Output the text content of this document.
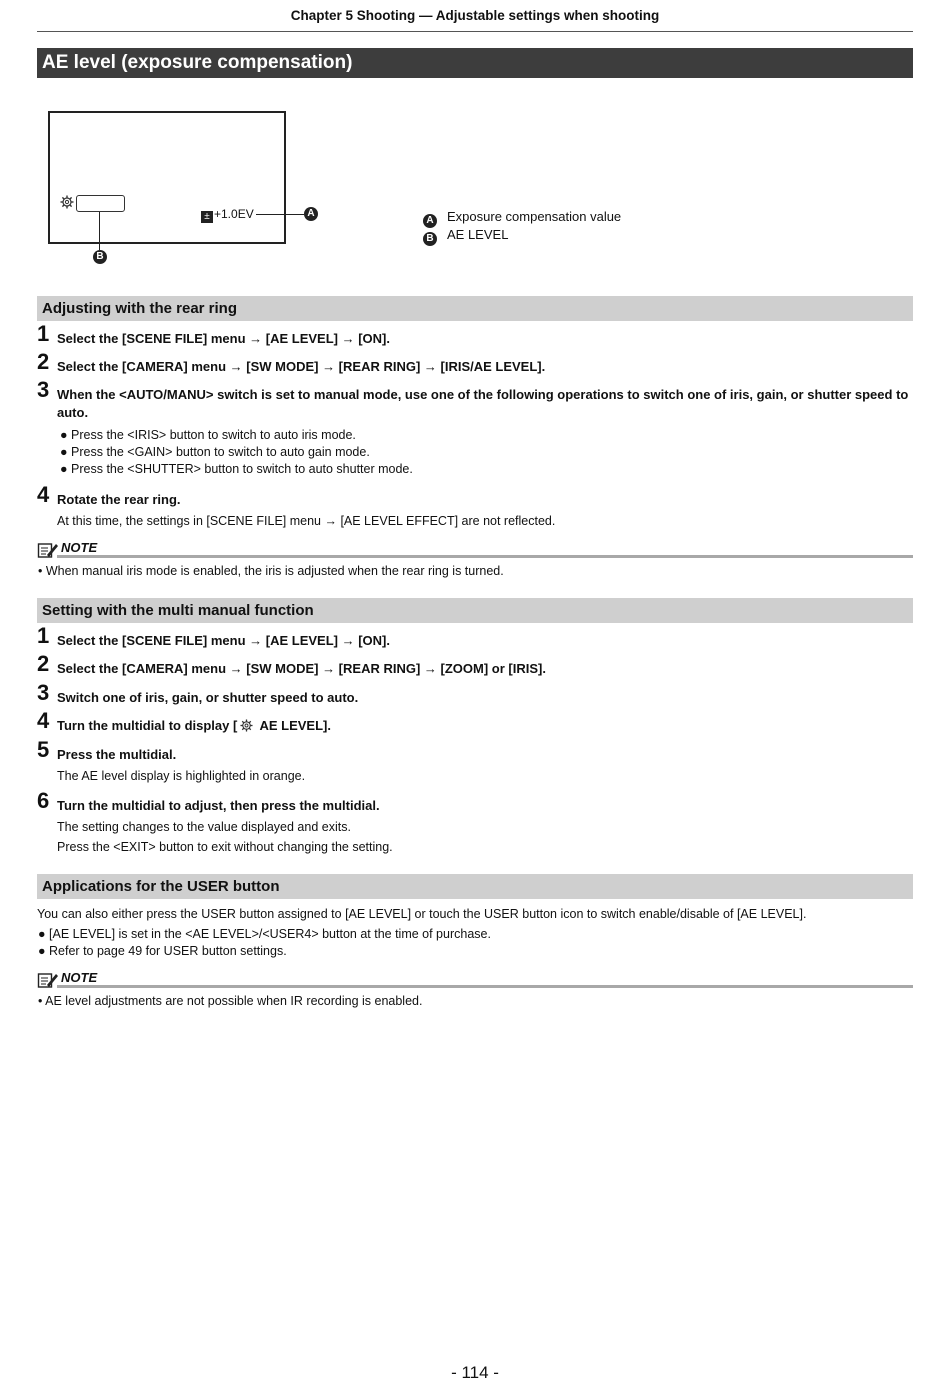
Chapter 5 Shooting — Adjustable settings when shooting
AE level (exposure compensation)
± +1.0EV	A
B
A Exposure compensation value
B AE LEVEL
Adjusting with the rear ring
1 Select the [SCENE FILE] menu → [AE LEVEL] → [ON].
2 Select the [CAMERA] menu → [SW MODE] → [REAR RING] → [IRIS/AE LEVEL].
3 When the <AUTO/MANU> switch is set to manual mode, use one of the following operations to switch one of iris, gain, or shutter speed to auto.
● Press the <IRIS> button to switch to auto iris mode.
● Press the <GAIN> button to switch to auto gain mode.
● Press the <SHUTTER> button to switch to auto shutter mode.
4 Rotate the rear ring.
At this time, the settings in [SCENE FILE] menu → [AE LEVEL EFFECT] are not reflected.
NOTE
• When manual iris mode is enabled, the iris is adjusted when the rear ring is turned.
Setting with the multi manual function
1 Select the [SCENE FILE] menu → [AE LEVEL] → [ON].
2 Select the [CAMERA] menu → [SW MODE] → [REAR RING] → [ZOOM] or [IRIS].
3 Switch one of iris, gain, or shutter speed to auto.
4 Turn the multidial to display [ AE LEVEL].
5 Press the multidial.
The AE level display is highlighted in orange.
6 Turn the multidial to adjust, then press the multidial.
The setting changes to the value displayed and exits.
Press the <EXIT> button to exit without changing the setting.
Applications for the USER button
You can also either press the USER button assigned to [AE LEVEL] or touch the USER button icon to switch enable/disable of [AE LEVEL].
● [AE LEVEL] is set in the <AE LEVEL>/<USER4> button at the time of purchase.
● Refer to page 49 for USER button settings.
NOTE
• AE level adjustments are not possible when IR recording is enabled.
- 114 -
